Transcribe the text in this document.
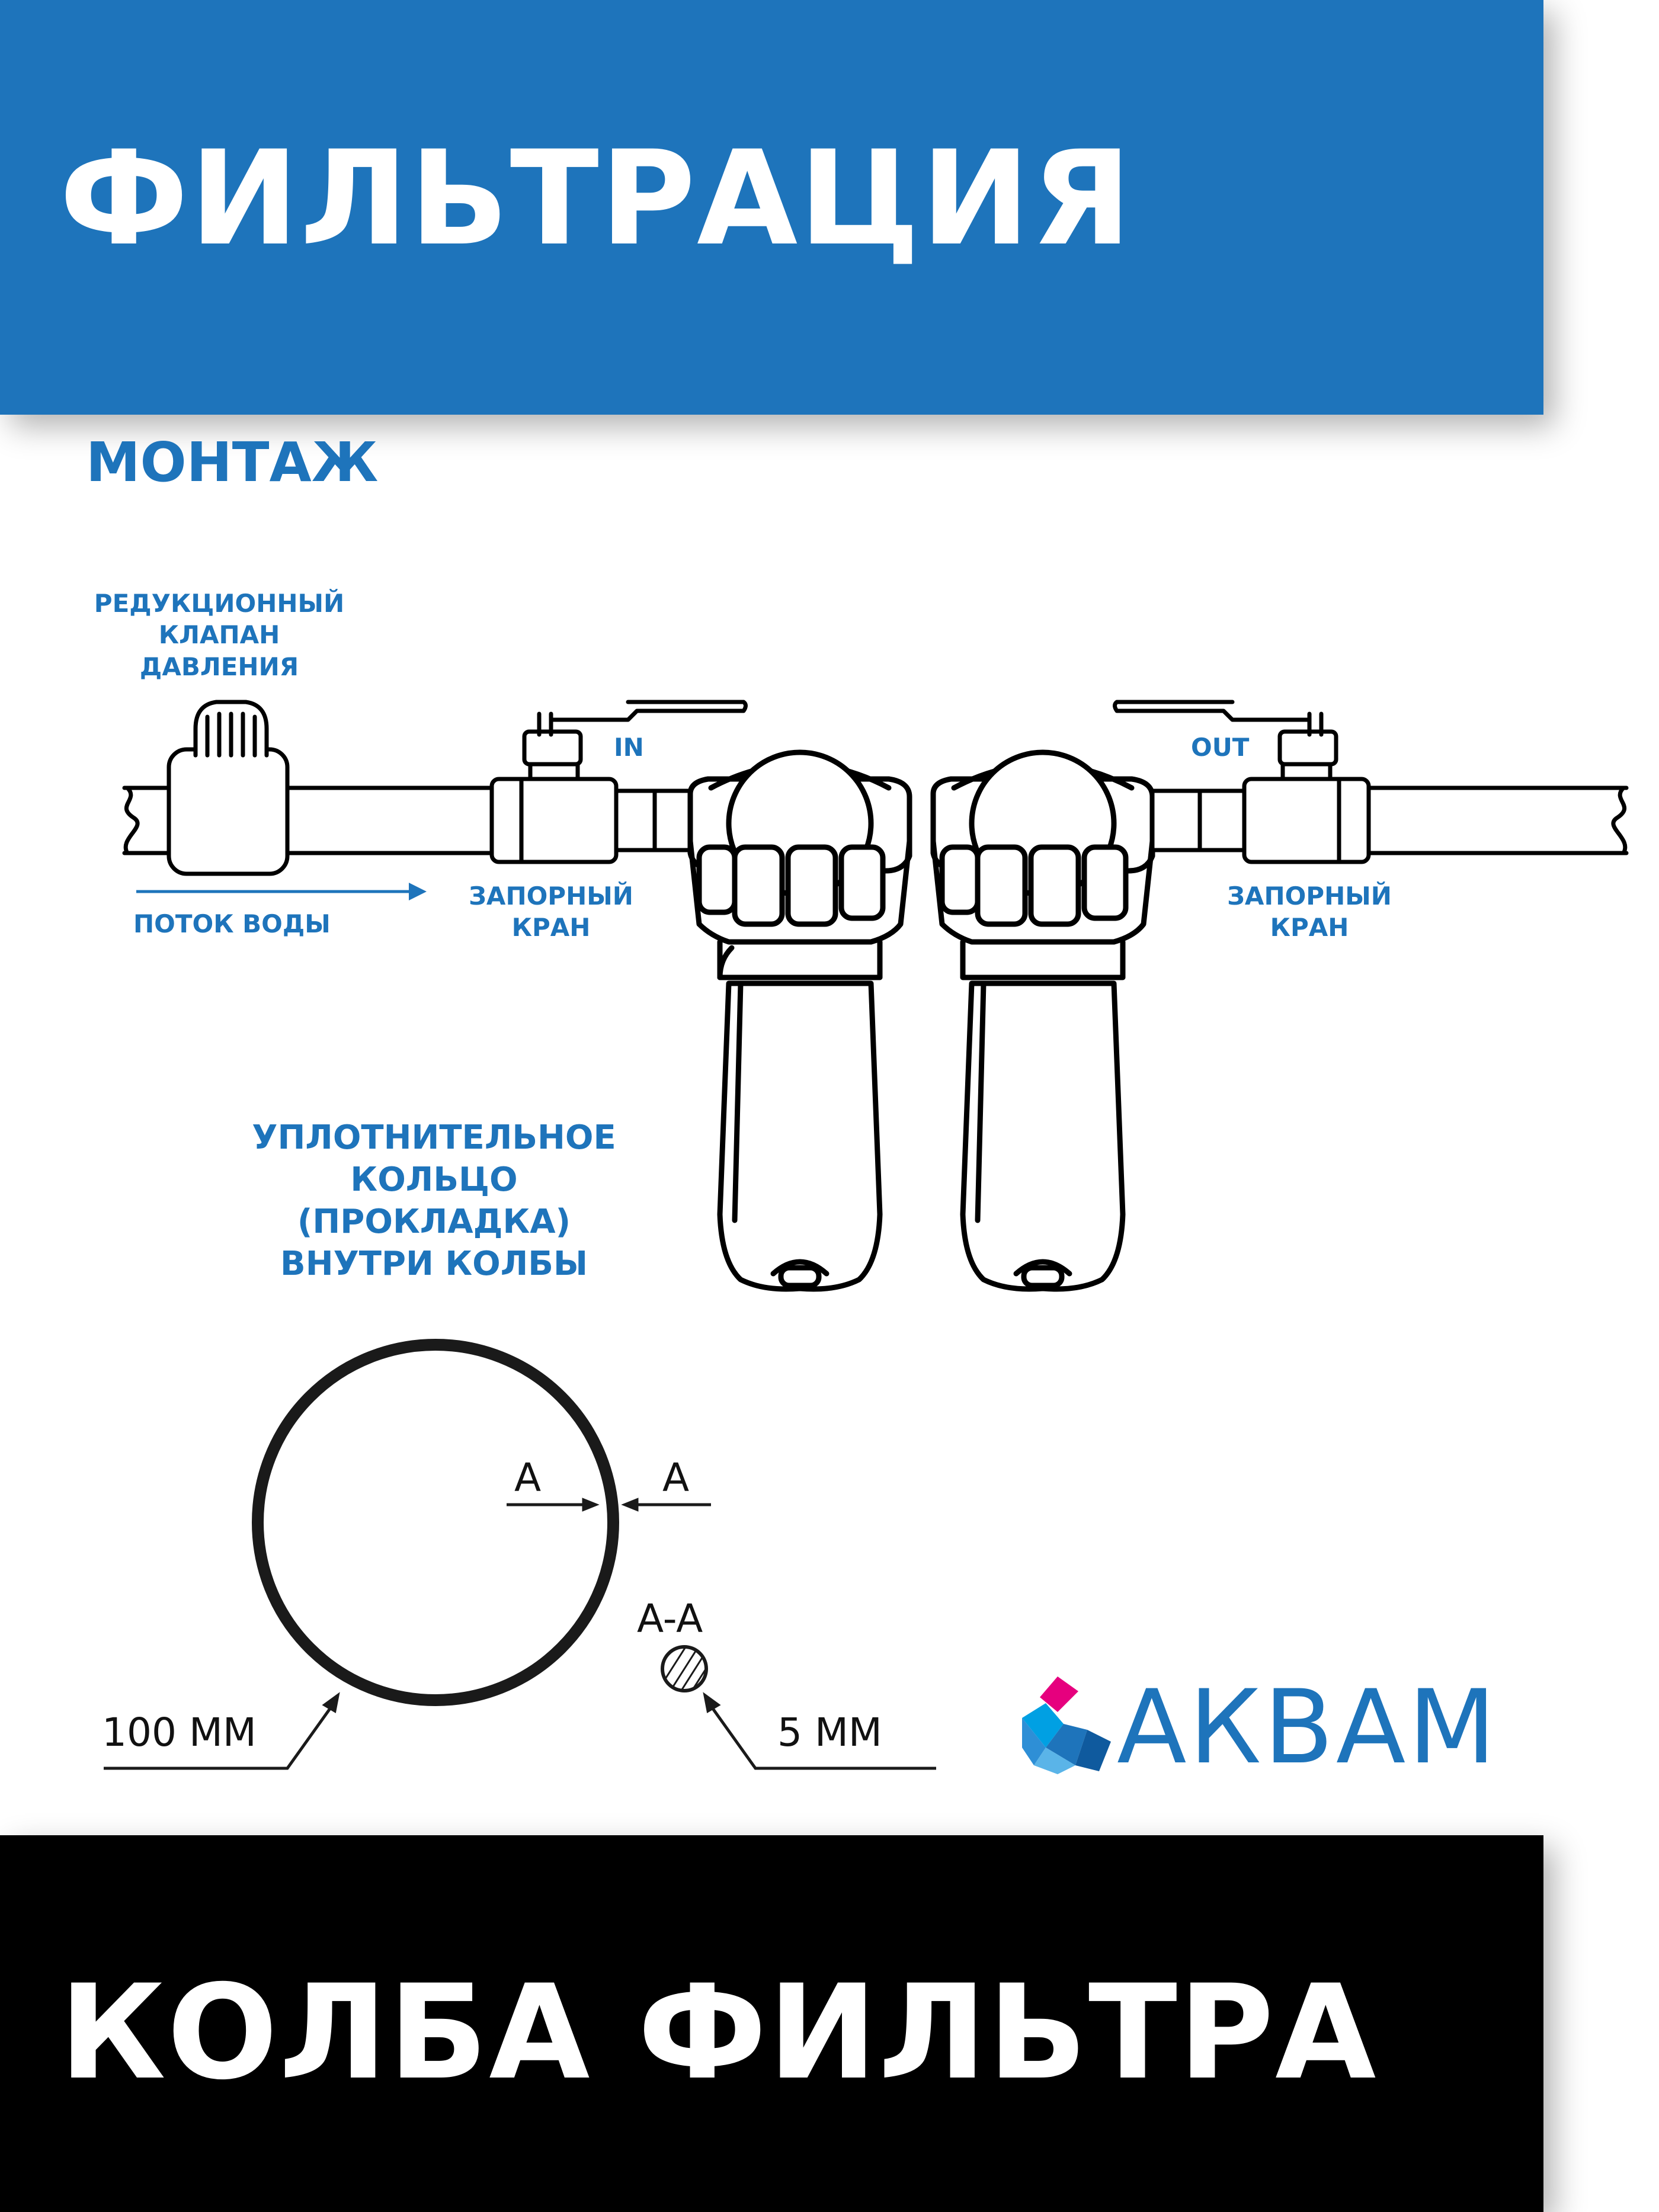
ФИЛЬТРАЦИЯ
МОНТАЖ
РЕДУКЦИОННЫЙ
КЛАПАН
ДАВЛЕНИЯ
ПОТОК ВОДЫ
ЗАПОРНЫЙ
КРАН
ЗАПОРНЫЙ
КРАН
IN	OUT
УПЛОТНИТЕЛЬНОЕ
КОЛЬЦО
(ПРОКЛАДКА)
ВНУТРИ КОЛБЫ
A	A
A-A
100 ММ	5 ММ АКВАМ
КОЛБА ФИЛЬТРА
